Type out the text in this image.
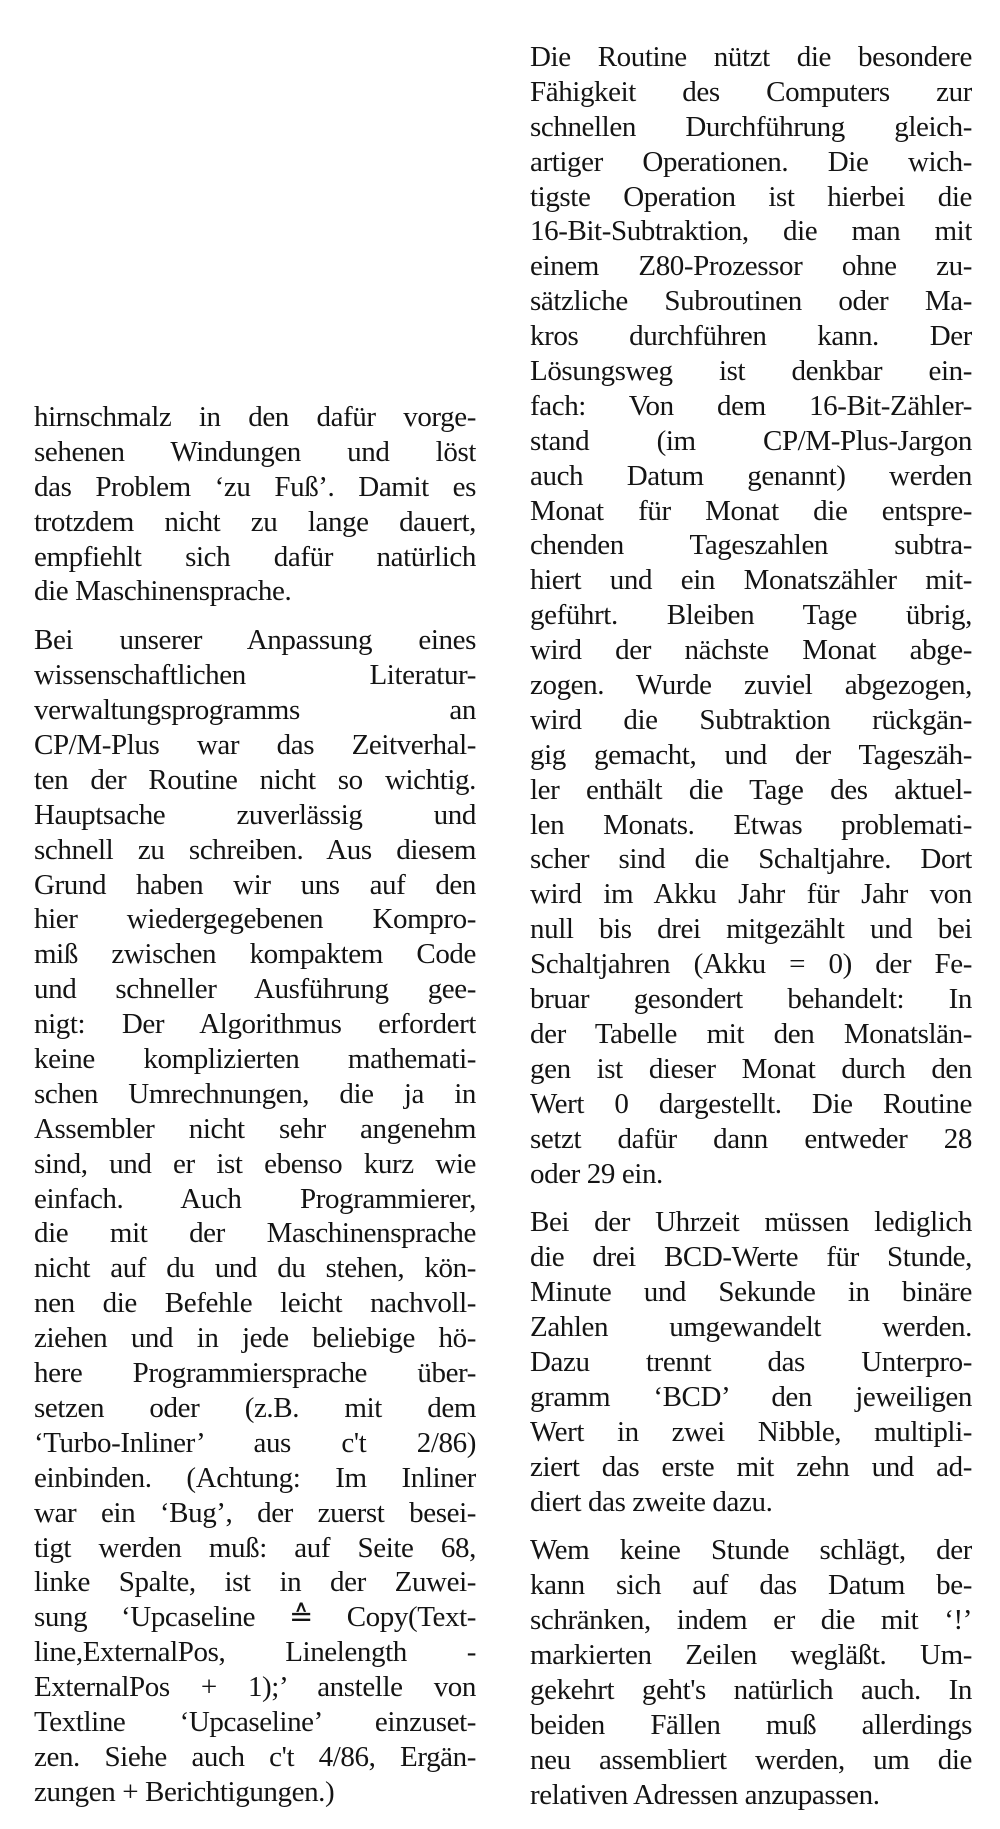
hirnschmalz in den dafür vorge-
sehenen Windungen und löst
das Problem ‘zu Fuß’. Damit es
trotzdem nicht zu lange dauert,
empfiehlt sich dafür natürlich
die Maschinensprache.
Bei unserer Anpassung eines
wissenschaftlichen Literatur-
verwaltungsprogramms an
CP/M-Plus war das Zeitverhal-
ten der Routine nicht so wichtig.
Hauptsache zuverlässig und
schnell zu schreiben. Aus diesem
Grund haben wir uns auf den
hier wiedergegebenen Kompro-
miß zwischen kompaktem Code
und schneller Ausführung gee-
nigt: Der Algorithmus erfordert
keine komplizierten mathemati-
schen Umrechnungen, die ja in
Assembler nicht sehr angenehm
sind, und er ist ebenso kurz wie
einfach. Auch Programmierer,
die mit der Maschinensprache
nicht auf du und du stehen, kön-
nen die Befehle leicht nachvoll-
ziehen und in jede beliebige hö-
here Programmiersprache über-
setzen oder (z.B. mit dem
‘Turbo-Inliner’ aus c't 2/86)
einbinden. (Achtung: Im Inliner
war ein ‘Bug’, der zuerst besei-
tigt werden muß: auf Seite 68,
linke Spalte, ist in der Zuwei-
sung ‘Upcaseline ≙ Copy(Text-
line,ExternalPos, Linelength -
ExternalPos + 1);’ anstelle von
Textline ‘Upcaseline’ einzuset-
zen. Siehe auch c't 4/86, Ergän-
zungen + Berichtigungen.)
Die Routine nützt die besondere
Fähigkeit des Computers zur
schnellen Durchführung gleich-
artiger Operationen. Die wich-
tigste Operation ist hierbei die
16-Bit-Subtraktion, die man mit
einem Z80-Prozessor ohne zu-
sätzliche Subroutinen oder Ma-
kros durchführen kann. Der
Lösungsweg ist denkbar ein-
fach: Von dem 16-Bit-Zähler-
stand (im CP/M-Plus-Jargon
auch Datum genannt) werden
Monat für Monat die entspre-
chenden Tageszahlen subtra-
hiert und ein Monatszähler mit-
geführt. Bleiben Tage übrig,
wird der nächste Monat abge-
zogen. Wurde zuviel abgezogen,
wird die Subtraktion rückgän-
gig gemacht, und der Tageszäh-
ler enthält die Tage des aktuel-
len Monats. Etwas problemati-
scher sind die Schaltjahre. Dort
wird im Akku Jahr für Jahr von
null bis drei mitgezählt und bei
Schaltjahren (Akku = 0) der Fe-
bruar gesondert behandelt: In
der Tabelle mit den Monatslän-
gen ist dieser Monat durch den
Wert 0 dargestellt. Die Routine
setzt dafür dann entweder 28
oder 29 ein.
Bei der Uhrzeit müssen lediglich
die drei BCD-Werte für Stunde,
Minute und Sekunde in binäre
Zahlen umgewandelt werden.
Dazu trennt das Unterpro-
gramm ‘BCD’ den jeweiligen
Wert in zwei Nibble, multipli-
ziert das erste mit zehn und ad-
diert das zweite dazu.
Wem keine Stunde schlägt, der
kann sich auf das Datum be-
schränken, indem er die mit ‘!’
markierten Zeilen wegläßt. Um-
gekehrt geht's natürlich auch. In
beiden Fällen muß allerdings
neu assembliert werden, um die
relativen Adressen anzupassen.
